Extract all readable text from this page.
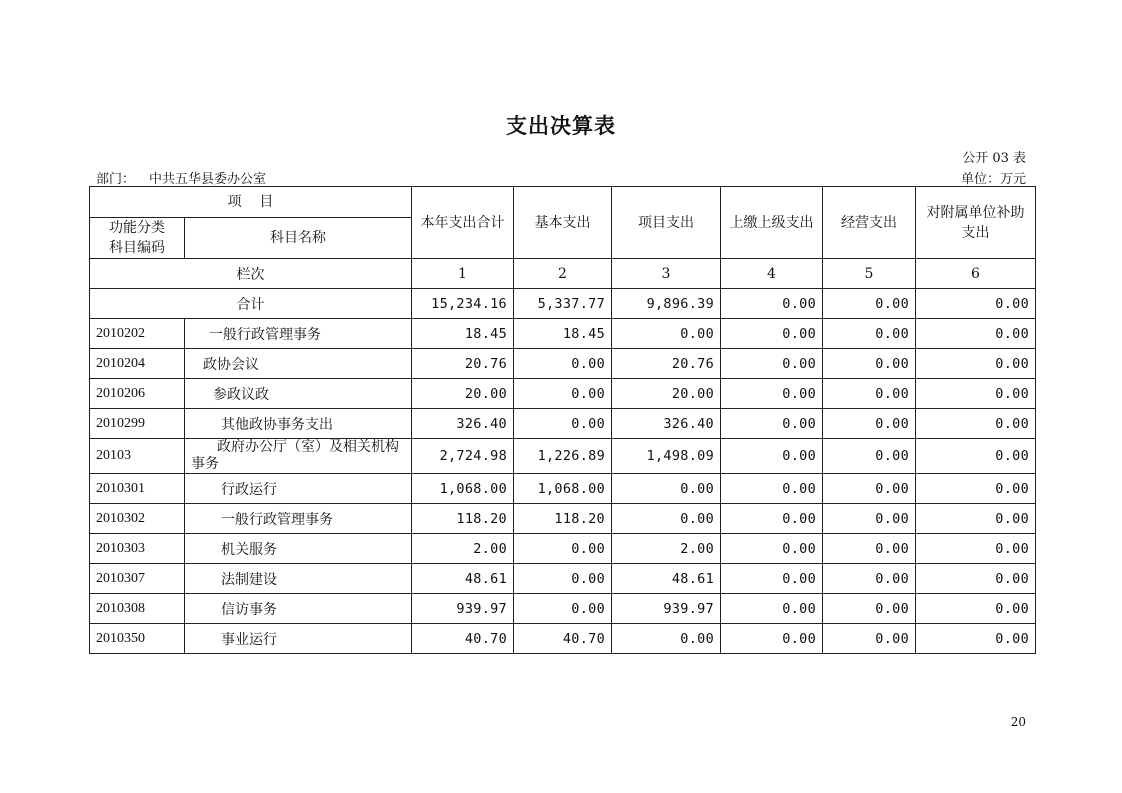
支出决算表
公开 03 表
部门： 中共五华县委办公室	单位：万元
项    目		本年支出合计	基本支出	项目支出	上缴上级支出	经营支出	对附属单位补助支出
功能分类
科目编码	科目名称						
栏次		1	2	3	4	5	6
合计		15,234.16	5,337.77	9,896.39	0.00	0.00	0.00
2010202	一般行政管理事务	18.45	18.45	0.00	0.00	0.00	0.00
2010204	政协会议	20.76	0.00	20.76	0.00	0.00	0.00
2010206	参政议政	20.00	0.00	20.00	0.00	0.00	0.00
2010299	其他政协事务支出	326.40	0.00	326.40	0.00	0.00	0.00
20103	政府办公厅（室）及相关机构事务	2,724.98	1,226.89	1,498.09	0.00	0.00	0.00
2010301	行政运行	1,068.00	1,068.00	0.00	0.00	0.00	0.00
2010302	一般行政管理事务	118.20	118.20	0.00	0.00	0.00	0.00
2010303	机关服务	2.00	0.00	2.00	0.00	0.00	0.00
2010307	法制建设	48.61	0.00	48.61	0.00	0.00	0.00
2010308	信访事务	939.97	0.00	939.97	0.00	0.00	0.00
2010350	事业运行	40.70	40.70	0.00	0.00	0.00	0.00
20
